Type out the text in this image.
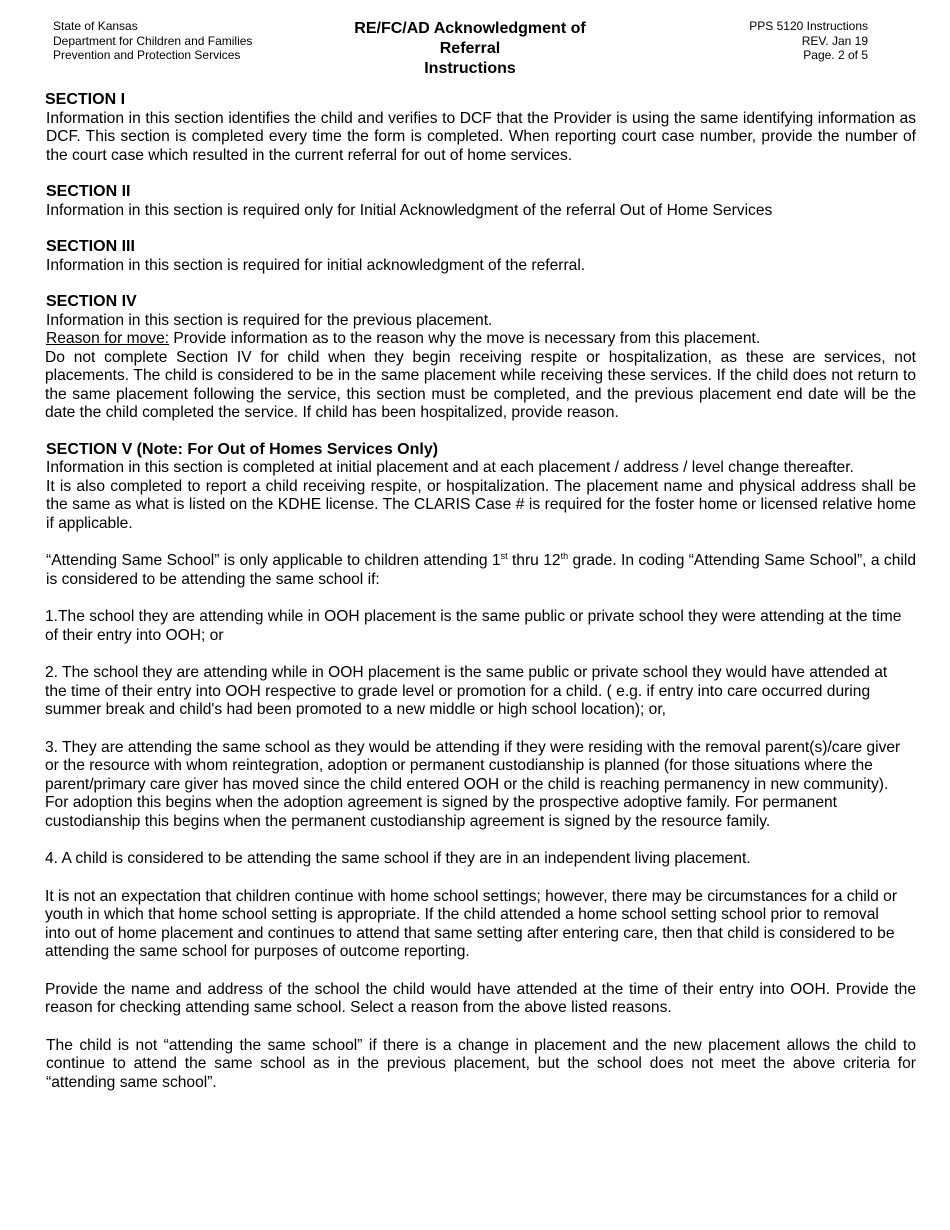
State of Kansas
Department for Children and Families
Prevention and Protection Services
RE/FC/AD Acknowledgment of
Referral
Instructions
PPS 5120 Instructions
REV. Jan 19
Page. 2 of 5
SECTION I
Information in this section identifies the child and verifies to DCF that the Provider is using the same identifying information as DCF. This section is completed every time the form is completed. When reporting court case number, provide the number of the court case which resulted in the current referral for out of home services.
SECTION II
Information in this section is required only for Initial Acknowledgment of the referral Out of Home Services
SECTION III
Information in this section is required for initial acknowledgment of the referral.
SECTION IV
Information in this section is required for the previous placement.
Reason for move: Provide information as to the reason why the move is necessary from this placement.
Do not complete Section IV for child when they begin receiving respite or hospitalization, as these are services, not placements. The child is considered to be in the same placement while receiving these services. If the child does not return to the same placement following the service, this section must be completed, and the previous placement end date will be the date the child completed the service. If child has been hospitalized, provide reason.
SECTION V (Note: For Out of Homes Services Only)
Information in this section is completed at initial placement and at each placement / address / level change thereafter.
It is also completed to report a child receiving respite, or hospitalization. The placement name and physical address shall be the same as what is listed on the KDHE license. The CLARIS Case # is required for the foster home or licensed relative home if applicable.
“Attending Same School” is only applicable to children attending 1st thru 12th grade. In coding “Attending Same School”, a child is considered to be attending the same school if:
1.The school they are attending while in OOH placement is the same public or private school they were attending at the time of their entry into OOH; or
2. The school they are attending while in OOH placement is the same public or private school they would have attended at the time of their entry into OOH respective to grade level or promotion for a child. ( e.g. if entry into care occurred during summer break and child's had been promoted to a new middle or high school location); or,
3. They are attending the same school as they would be attending if they were residing with the removal parent(s)/care giver or the resource with whom reintegration, adoption or permanent custodianship is planned (for those situations where the parent/primary care giver has moved since the child entered OOH or the child is reaching permanency in new community). For adoption this begins when the adoption agreement is signed by the prospective adoptive family. For permanent custodianship this begins when the permanent custodianship agreement is signed by the resource family.
4. A child is considered to be attending the same school if they are in an independent living placement.
It is not an expectation that children continue with home school settings; however, there may be circumstances for a child or youth in which that home school setting is appropriate. If the child attended a home school setting school prior to removal into out of home placement and continues to attend that same setting after entering care, then that child is considered to be attending the same school for purposes of outcome reporting.
Provide the name and address of the school the child would have attended at the time of their entry into OOH. Provide the reason for checking attending same school. Select a reason from the above listed reasons.
The child is not “attending the same school” if there is a change in placement and the new placement allows the child to continue to attend the same school as in the previous placement, but the school does not meet the above criteria for “attending same school”.
